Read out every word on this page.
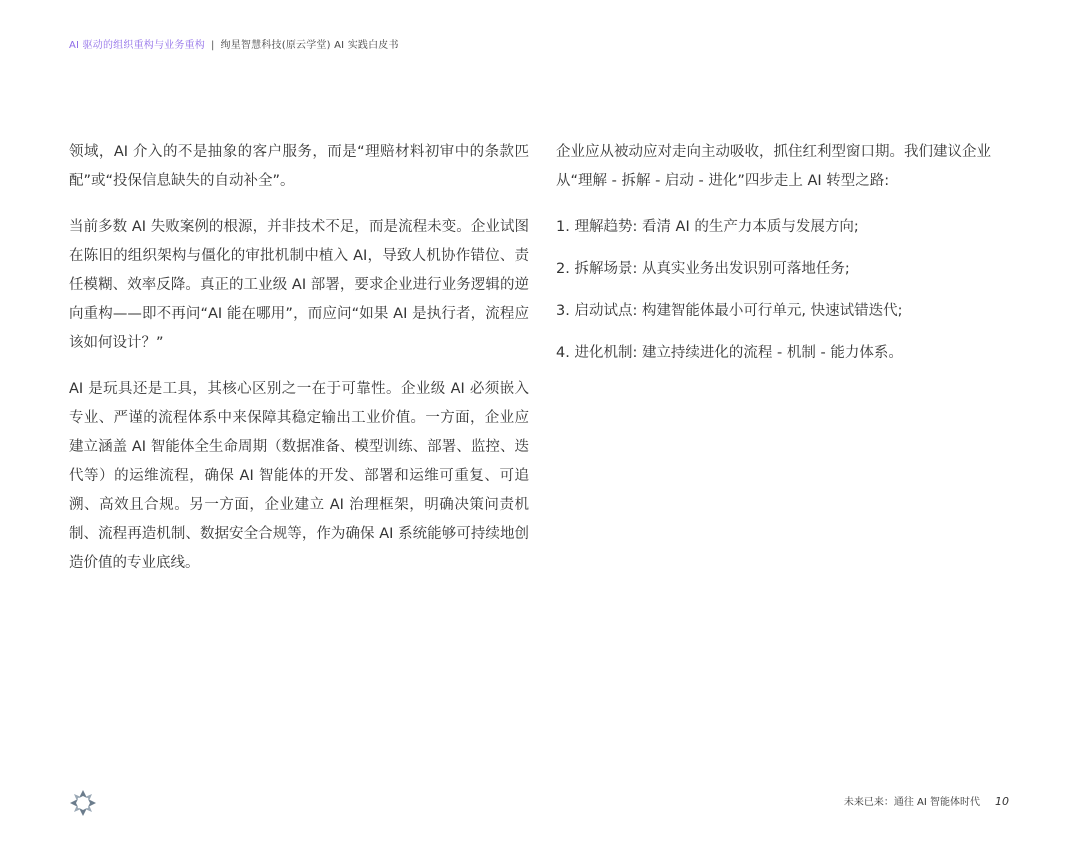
AI 驱动的组织重构与业务重构 | 绚星智慧科技(原云学堂) AI 实践白皮书

领域，AI 介入的不是抽象的客户服务，而是“理赔材料初审中的条款匹配”或“投保信息缺失的自动补全”。

当前多数 AI 失败案例的根源，并非技术不足，而是流程未变。企业试图在陈旧的组织架构与僵化的审批机制中植入 AI，导致人机协作错位、责任模糊、效率反降。真正的工业级 AI 部署，要求企业进行业务逻辑的逆向重构——即不再问“AI 能在哪用”，而应问“如果 AI 是执行者，流程应该如何设计？”

AI 是玩具还是工具，其核心区别之一在于可靠性。企业级 AI 必须嵌入专业、严谨的流程体系中来保障其稳定输出工业价值。一方面，企业应建立涵盖 AI 智能体全生命周期（数据准备、模型训练、部署、监控、迭代等）的运维流程，确保 AI 智能体的开发、部署和运维可重复、可追溯、高效且合规。另一方面，企业建立 AI 治理框架，明确决策问责机制、流程再造机制、数据安全合规等，作为确保 AI 系统能够可持续地创造价值的专业底线。

企业应从被动应对走向主动吸收，抓住红利型窗口期。我们建议企业从“理解 - 拆解 - 启动 - 进化”四步走上 AI 转型之路:

1. 理解趋势: 看清 AI 的生产力本质与发展方向;

2. 拆解场景: 从真实业务出发识别可落地任务;

3. 启动试点: 构建智能体最小可行单元, 快速试错迭代;

4. 进化机制: 建立持续进化的流程 - 机制 - 能力体系。

未来已来：通往 AI 智能体时代 10
